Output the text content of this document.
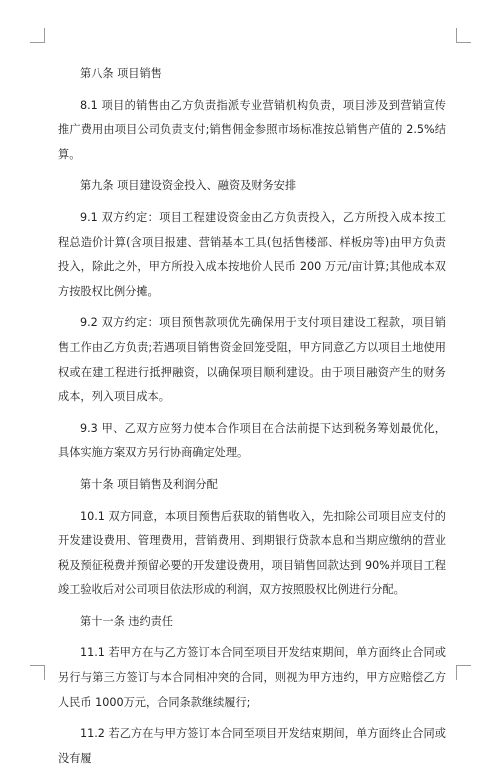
第八条 项目销售

8.1 项目的销售由乙方负责指派专业营销机构负责，项目涉及到营销宣传推广费用由项目公司负责支付;销售佣金参照市场标准按总销售产值的 2.5%结算。

第九条 项目建设资金投入、融资及财务安排

9.1 双方约定：项目工程建设资金由乙方负责投入，乙方所投入成本按工程总造价计算(含项目报建、营销基本工具(包括售楼部、样板房等)由甲方负责投入，除此之外，甲方所投入成本按地价人民币 200 万元/亩计算;其他成本双方按股权比例分摊。

9.2 双方约定：项目预售款项优先确保用于支付项目建设工程款，项目销售工作由乙方负责;若遇项目销售资金回笼受阻，甲方同意乙方以项目土地使用权或在建工程进行抵押融资，以确保项目顺利建设。由于项目融资产生的财务成本，列入项目成本。

9.3 甲、乙双方应努力使本合作项目在合法前提下达到税务筹划最优化，具体实施方案双方另行协商确定处理。

第十条 项目销售及利润分配

10.1 双方同意，本项目预售后获取的销售收入，先扣除公司项目应支付的开发建设费用、管理费用，营销费用、到期银行贷款本息和当期应缴纳的营业税及预征税费并预留必要的开发建设费用，项目销售回款达到 90%并项目工程竣工验收后对公司项目依法形成的利润，双方按照股权比例进行分配。

第十一条 违约责任

11.1 若甲方在与乙方签订本合同至项目开发结束期间，单方面终止合同或另行与第三方签订与本合同相冲突的合同，则视为甲方违约，甲方应赔偿乙方人民币 1000万元，合同条款继续履行;

11.2 若乙方在与甲方签订本合同至项目开发结束期间，单方面终止合同或没有履
